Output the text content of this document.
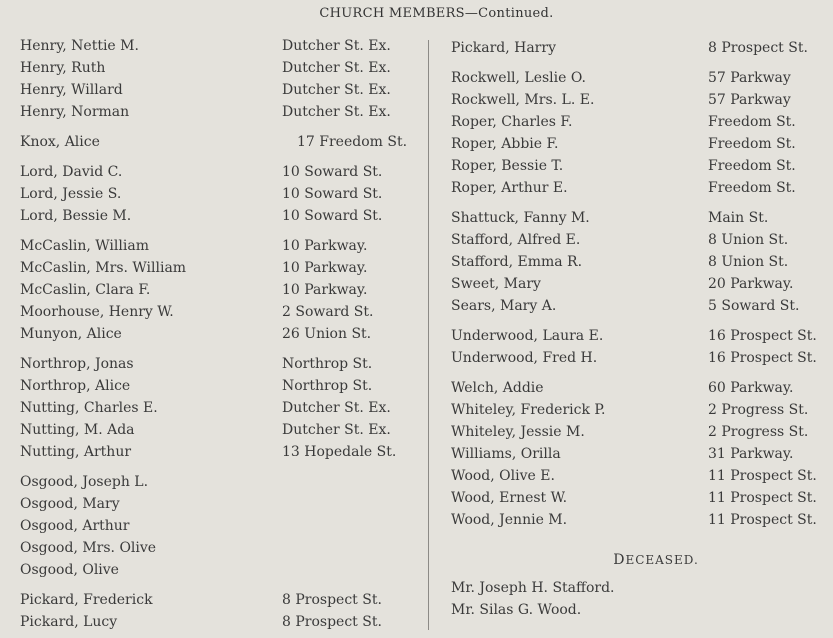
CHURCH MEMBERS—Continued.
Henry, Nettie M.	Dutcher St. Ex.
Henry, Ruth	Dutcher St. Ex.
Henry, Willard	Dutcher St. Ex.
Henry, Norman	Dutcher St. Ex.
Knox, Alice	17 Freedom St.
Lord, David C.	10 Soward St.
Lord, Jessie S.	10 Soward St.
Lord, Bessie M.	10 Soward St.
McCaslin, William	10 Parkway.
McCaslin, Mrs. William	10 Parkway.
McCaslin, Clara F.	10 Parkway.
Moorhouse, Henry W.	2 Soward St.
Munyon, Alice	26 Union St.
Northrop, Jonas	Northrop St.
Northrop, Alice	Northrop St.
Nutting, Charles E.	Dutcher St. Ex.
Nutting, M. Ada	Dutcher St. Ex.
Nutting, Arthur	13 Hopedale St.
Osgood, Joseph L.
Osgood, Mary
Osgood, Arthur
Osgood, Mrs. Olive
Osgood, Olive
Pickard, Frederick	8 Prospect St.
Pickard, Lucy	8 Prospect St.
Pickard, Harry	8 Prospect St.
Rockwell, Leslie O.	57 Parkway
Rockwell, Mrs. L. E.	57 Parkway
Roper, Charles F.	Freedom St.
Roper, Abbie F.	Freedom St.
Roper, Bessie T.	Freedom St.
Roper, Arthur E.	Freedom St.
Shattuck, Fanny M.	Main St.
Stafford, Alfred E.	8 Union St.
Stafford, Emma R.	8 Union St.
Sweet, Mary	20 Parkway.
Sears, Mary A.	5 Soward St.
Underwood, Laura E.	16 Prospect St.
Underwood, Fred H.	16 Prospect St.
Welch, Addie	60 Parkway.
Whiteley, Frederick P.	2 Progress St.
Whiteley, Jessie M.	2 Progress St.
Williams, Orilla	31 Parkway.
Wood, Olive E.	11 Prospect St.
Wood, Ernest W.	11 Prospect St.
Wood, Jennie M.	11 Prospect St.
DECEASED.
Mr. Joseph H. Stafford.
Mr. Silas G. Wood.
